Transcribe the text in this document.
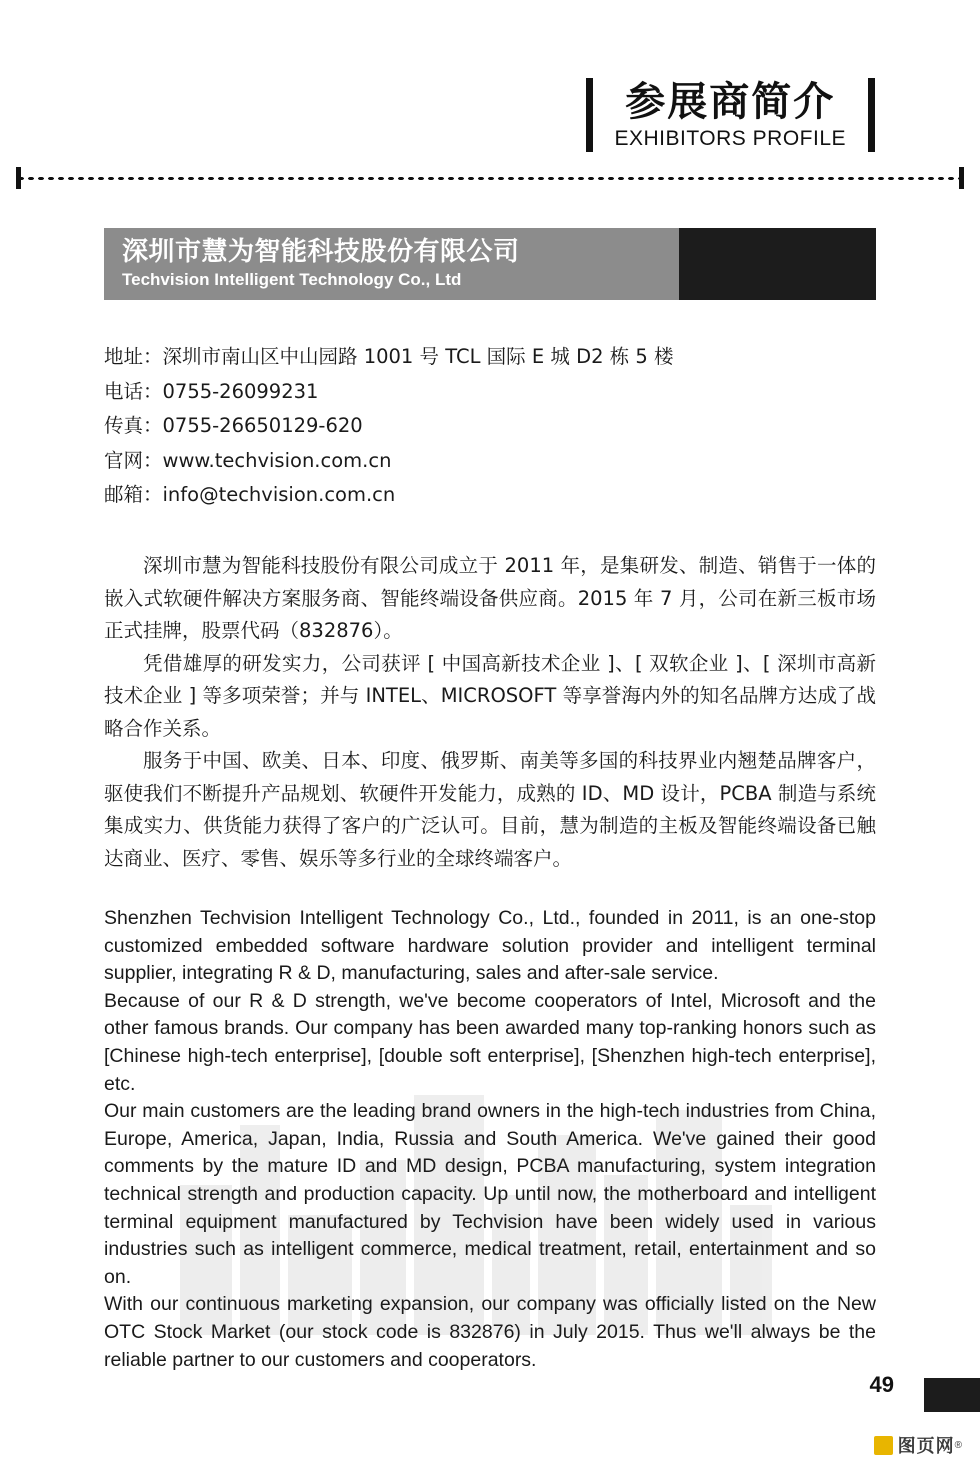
参展商简介
EXHIBITORS PROFILE
深圳市慧为智能科技股份有限公司
Techvision Intelligent Technology Co., Ltd
地址：深圳市南山区中山园路 1001 号 TCL 国际 E 城 D2 栋 5 楼
电话：0755-26099231
传真：0755-26650129-620
官网：www.techvision.com.cn
邮箱：info@techvision.com.cn

深圳市慧为智能科技股份有限公司成立于 2011 年，是集研发、制造、销售于一体的嵌入式软硬件解决方案服务商、智能终端设备供应商。2015 年 7 月，公司在新三板市场正式挂牌，股票代码（832876）。

凭借雄厚的研发实力，公司获评 [ 中国高新技术企业 ]、[ 双软企业 ]、[ 深圳市高新技术企业 ] 等多项荣誉；并与 INTEL、MICROSOFT 等享誉海内外的知名品牌方达成了战略合作关系。

服务于中国、欧美、日本、印度、俄罗斯、南美等多国的科技界业内翘楚品牌客户，驱使我们不断提升产品规划、软硬件开发能力，成熟的 ID、MD 设计，PCBA 制造与系统集成实力、供货能力获得了客户的广泛认可。目前，慧为制造的主板及智能终端设备已触达商业、医疗、零售、娱乐等多行业的全球终端客户。

Shenzhen Techvision Intelligent Technology Co., Ltd., founded in 2011, is an one-stop customized embedded software hardware solution provider and intelligent terminal supplier, integrating R & D, manufacturing, sales and after-sale service.

Because of our R & D strength, we've become cooperators of Intel, Microsoft and the other famous brands. Our company has been awarded many top-ranking honors such as [Chinese high-tech enterprise], [double soft enterprise], [Shenzhen high-tech enterprise], etc.

Our main customers are the leading brand owners in the high-tech industries from China, Europe, America, Japan, India, Russia and South America. We've gained their good comments by the mature ID and MD design, PCBA manufacturing, system integration technical strength and production capacity. Up until now, the motherboard and intelligent terminal equipment manufactured by Techvision have been widely used in various industries such as intelligent commerce, medical treatment, retail, entertainment and so on.

With our continuous marketing expansion, our company was officially listed on the New OTC Stock Market (our stock code is 832876) in July 2015. Thus we'll always be the reliable partner to our customers and cooperators.

49
图页网 ®
